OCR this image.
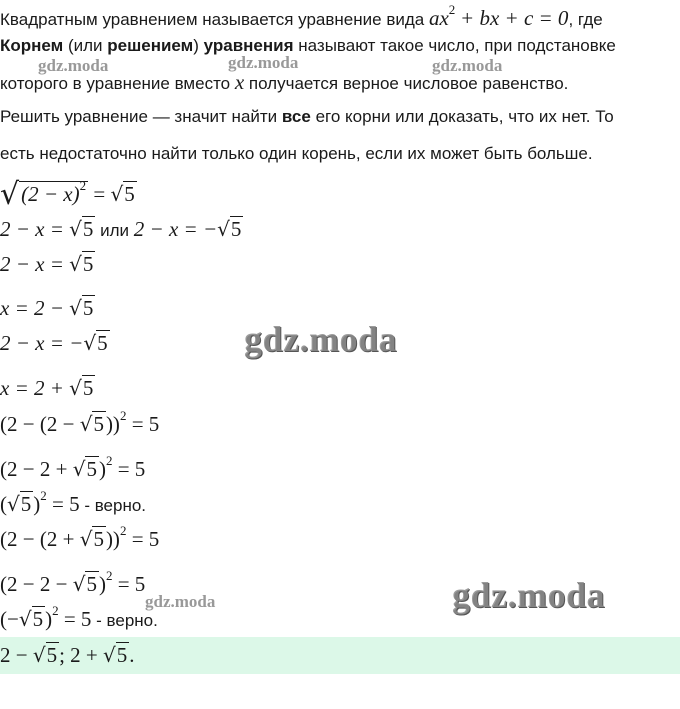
Квадратным уравнением называется уравнение вида $ax^2$ + bx + c = 0, где
Корнем (или решением) уравнения называют такое число, при подстановке
которого в уравнение вместо x получается верное числовое равенство.
Решить уравнение — значит найти все его корни или доказать, что их нет. То
есть недостаточно найти только один корень, если их может быть больше.
$√(2 - x)^2 = √5$
2 − x = √5 или 2 − x = −√5
2 − x = √5
x = 2 − √5
2 − x = −√5
x = 2 + √5
$(2 - (2 - √5))^2 = 5$
$(2 - 2 + √5)^2 = 5$
$(√5)^2 = 5$ - верно.
$(2 - (2 + √5))^2 = 5$
$(2 - 2 - √5)^2 = 5$
$(-√5)^2 = 5$ - верно.
2 − √5; 2 + √5.
gdz.moda	gdz.moda	gdz.moda
gdz.moda
gdz.moda
gdz.moda
